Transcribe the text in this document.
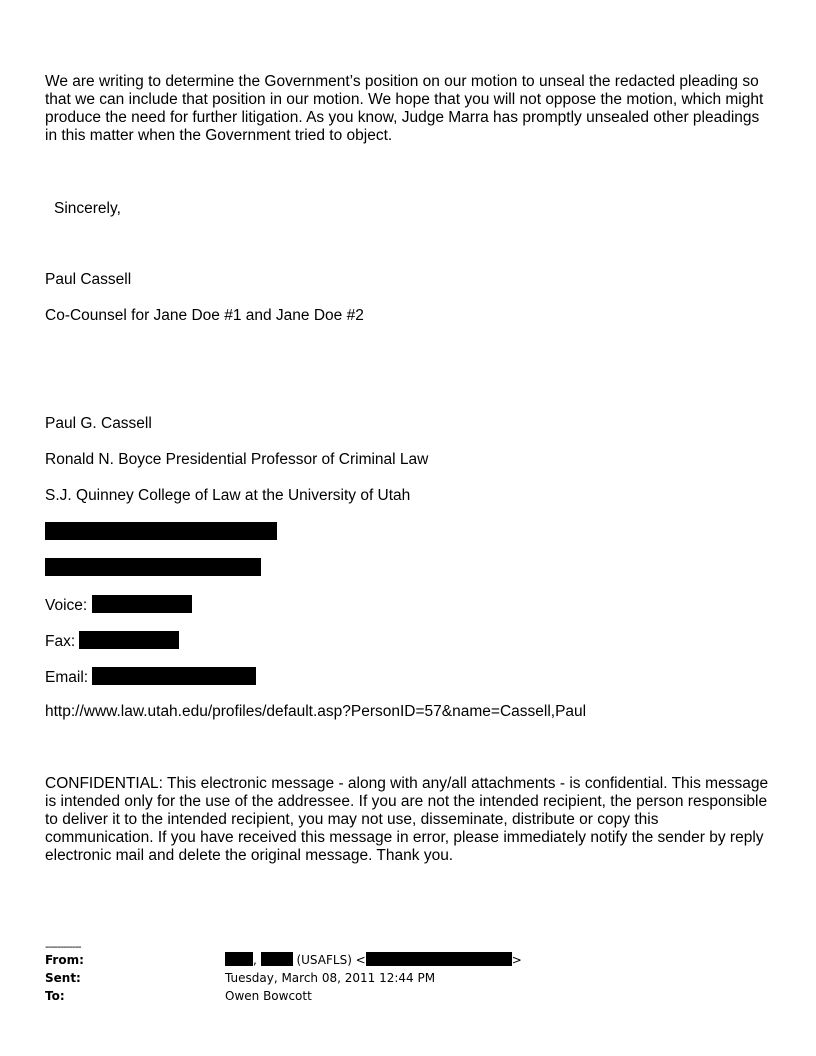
We are writing to determine the Government’s position on our motion to unseal the redacted pleading so that we can include that position in our motion. We hope that you will not oppose the motion, which might produce the need for further litigation. As you know, Judge Marra has promptly unsealed other pleadings in this matter when the Government tried to object.
Sincerely,
Paul Cassell
Co-Counsel for Jane Doe #1 and Jane Doe #2
Paul G. Cassell
Ronald N. Boyce Presidential Professor of Criminal Law
S.J. Quinney College of Law at the University of Utah
Voice:
Fax:
Email:
http://www.law.utah.edu/profiles/default.asp?PersonID=57&name=Cassell,Paul
CONFIDENTIAL: This electronic message - along with any/all attachments - is confidential. This message is intended only for the use of the addressee. If you are not the intended recipient, the person responsible to deliver it to the intended recipient, you may not use, disseminate, distribute or copy this communication. If you have received this message in error, please immediately notify the sender by reply electronic mail and delete the original message. Thank you.
------------
From:	,	(USAFLS) <	>
Sent:	Tuesday, March 08, 2011 12:44 PM
To:	Owen Bowcott
